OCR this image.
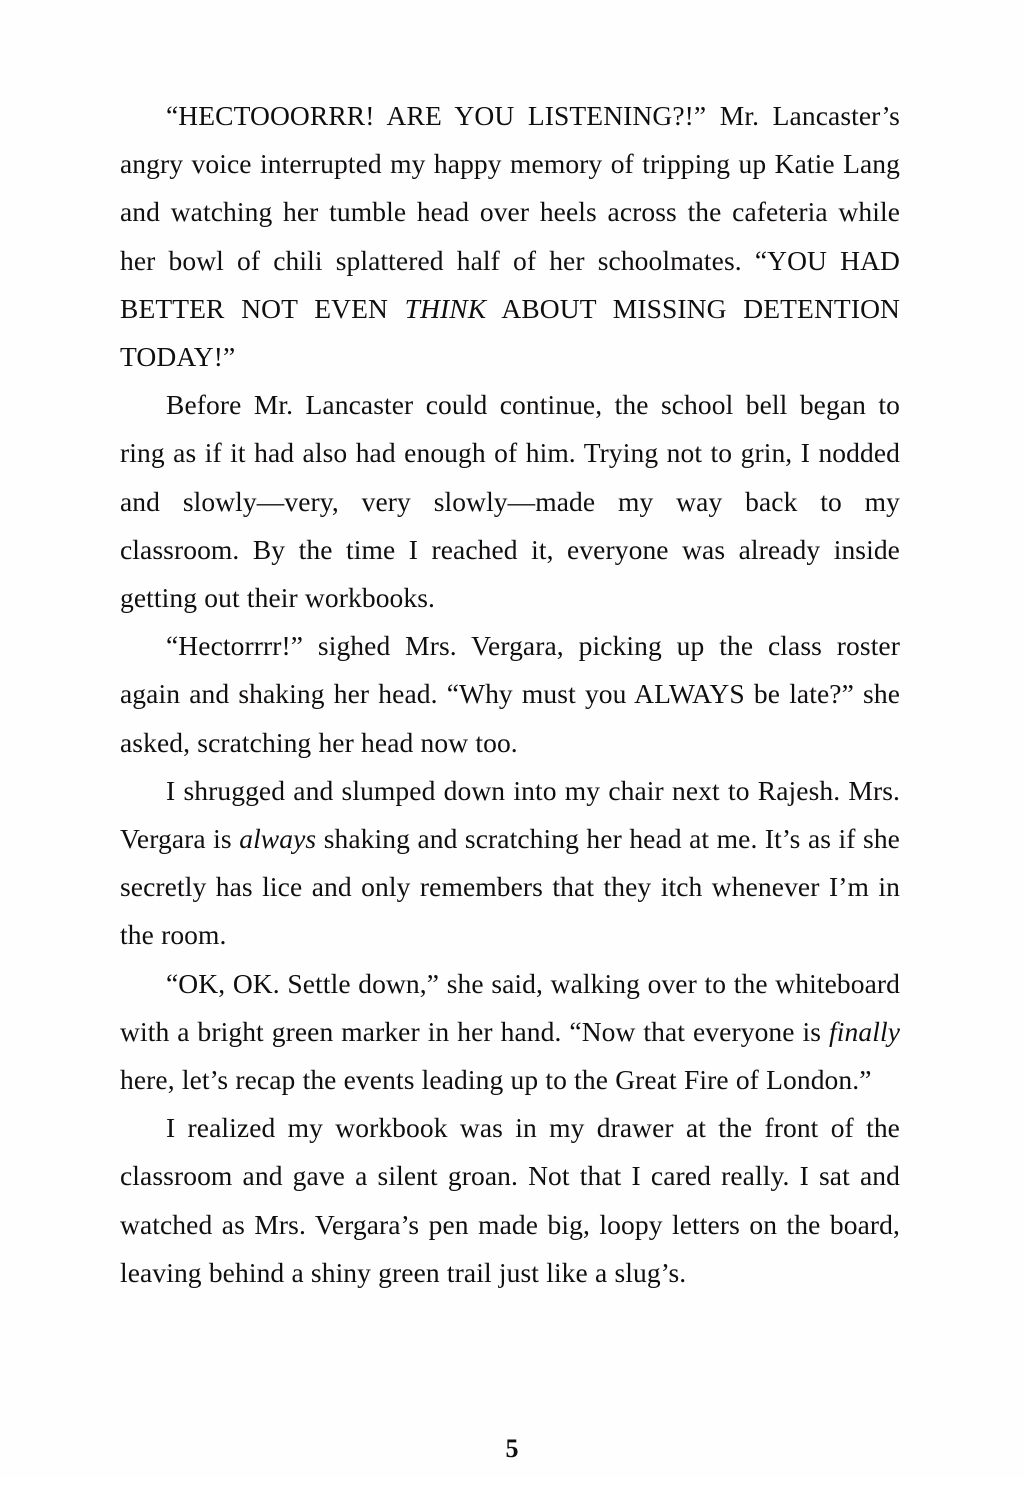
“HECTOOORRR! ARE YOU LISTENING?!” Mr. Lancaster’s angry voice interrupted my happy memory of tripping up Katie Lang and watching her tumble head over heels across the cafeteria while her bowl of chili splattered half of her schoolmates. “YOU HAD BETTER NOT EVEN THINK ABOUT MISSING DETENTION TODAY!”

Before Mr. Lancaster could continue, the school bell began to ring as if it had also had enough of him. Trying not to grin, I nodded and slowly—very, very slowly—made my way back to my classroom. By the time I reached it, everyone was already inside getting out their workbooks.

“Hectorrrr!” sighed Mrs. Vergara, picking up the class roster again and shaking her head. “Why must you ALWAYS be late?” she asked, scratching her head now too.

I shrugged and slumped down into my chair next to Rajesh. Mrs. Vergara is always shaking and scratching her head at me. It’s as if she secretly has lice and only remembers that they itch whenever I’m in the room.

“OK, OK. Settle down,” she said, walking over to the whiteboard with a bright green marker in her hand. “Now that everyone is finally here, let’s recap the events leading up to the Great Fire of London.”

I realized my workbook was in my drawer at the front of the classroom and gave a silent groan. Not that I cared really. I sat and watched as Mrs. Vergara’s pen made big, loopy letters on the board, leaving behind a shiny green trail just like a slug’s.

5
